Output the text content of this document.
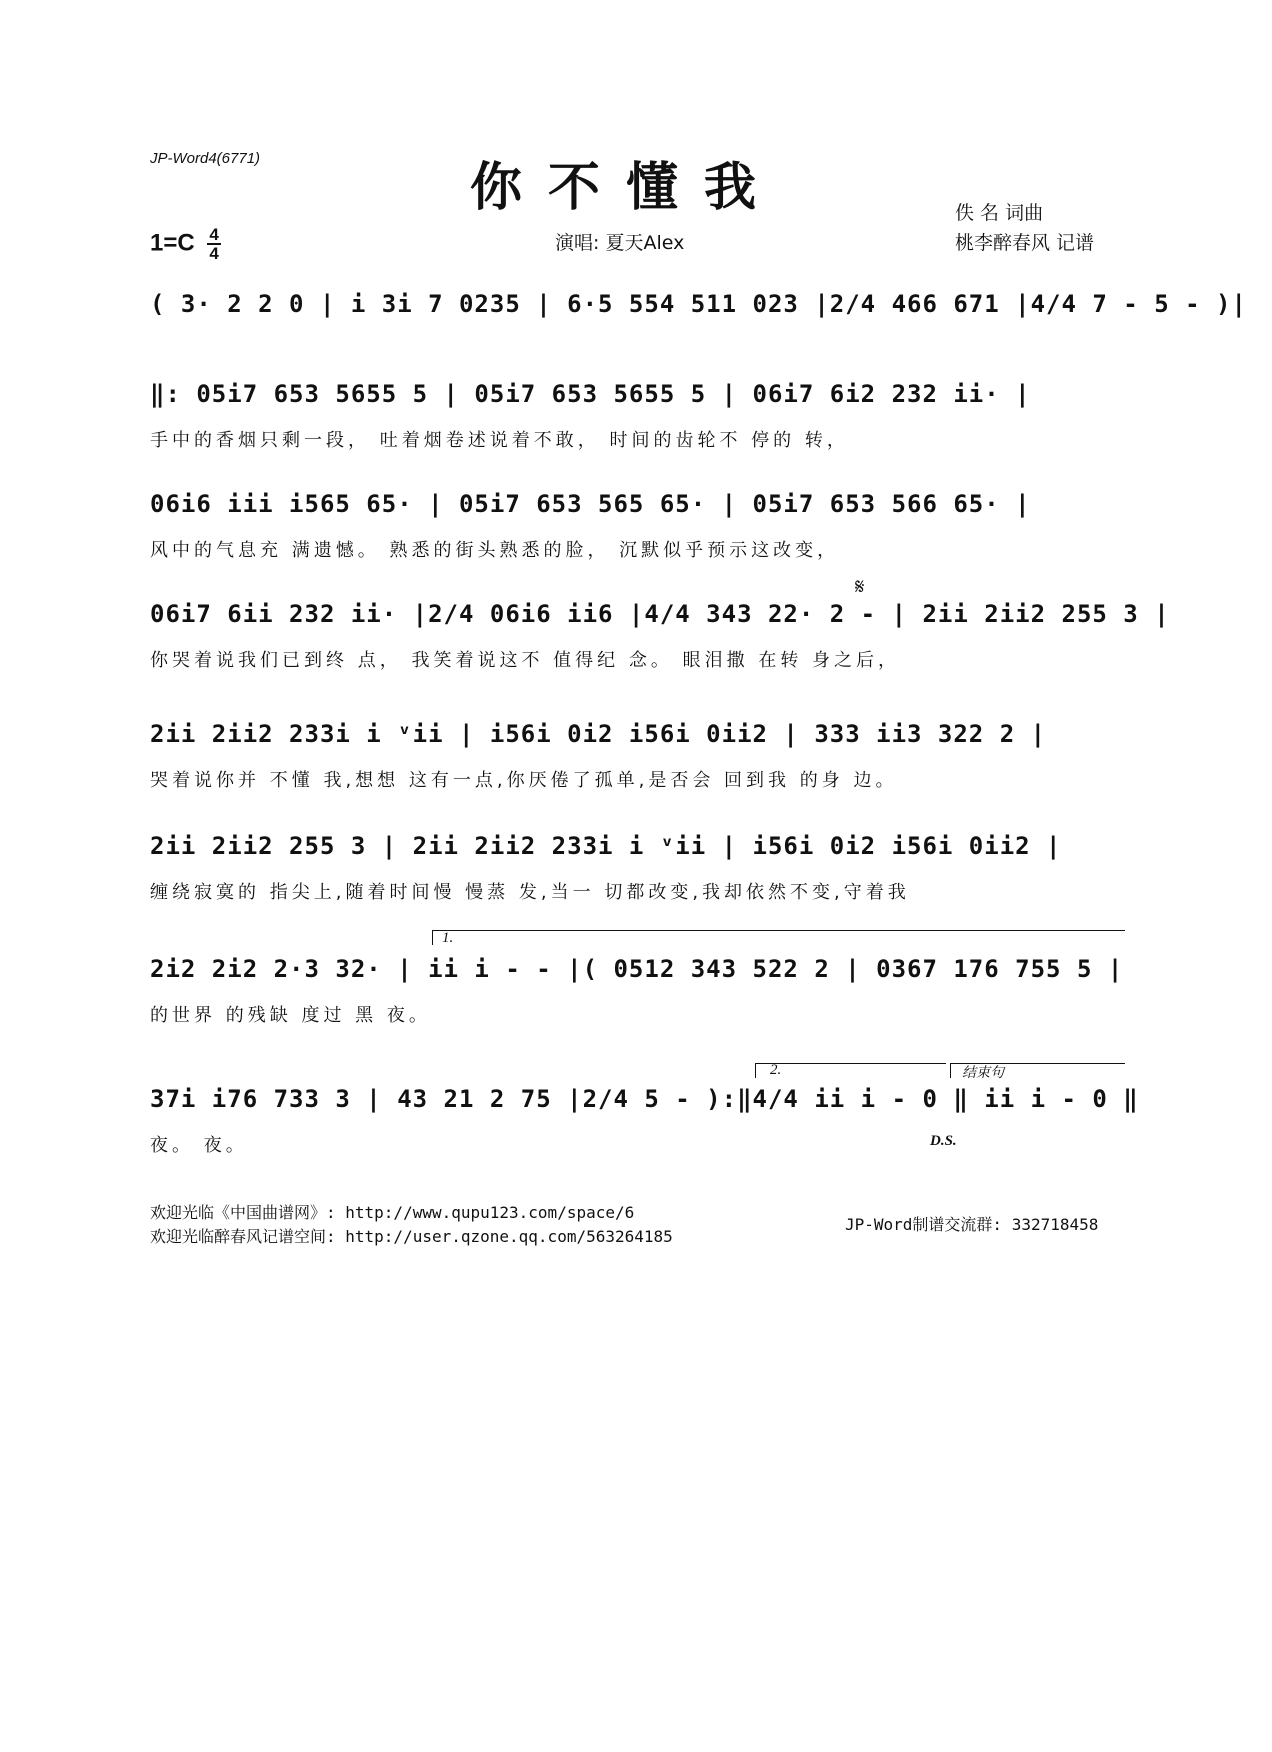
JP-Word4(6771)	你不懂我	佚 名 词曲
桃李醉春风 记谱
$1=C \frac{4}{4}$	演唱: 夏天Alex
( 3· 2 2 0 | i 3i 7 0235 | 6·5 554 511 023 |2/4 466 671 |4/4 7 - 5 - )|
‖: 05i7 653 5655 5 | 05i7 653 5655 5 | 06i7 6i2 232 ii· |
手中的香烟只剩一段， 吐着烟卷述说着不敢， 时间的齿轮不 停的 转，
06i6 iii i565 65· | 05i7 653 565 65· | 05i7 653 566 65· |
风中的气息充 满遗憾。 熟悉的街头熟悉的脸， 沉默似乎预示这改变，
𝄋
06i7 6ii 232 ii· |2/4 06i6 ii6 |4/4 343 22· 2 - | 2ii 2ii2 255 3 |
你哭着说我们已到终 点， 我笑着说这不 值得纪 念。 眼泪撒 在转 身之后，
2ii 2ii2 233i i ᵛii | i56i 0i2 i56i 0ii2 | 333 ii3 322 2 |
哭着说你并 不懂 我,想想 这有一点,你厌倦了孤单,是否会 回到我 的身 边。
2ii 2ii2 255 3 | 2ii 2ii2 233i i ᵛii | i56i 0i2 i56i 0ii2 |
缠绕寂寞的 指尖上,随着时间慢 慢蒸 发,当一 切都改变,我却依然不变,守着我
1.
2i2 2i2 2·3 32· | ii i - - |( 0512 343 522 2 | 0367 176 755 5 |
的世界 的残缺 度过 黑 夜。
2.	结束句
37i i76 733 3 | 43 21 2 75 |2/4 5 - ):‖4/4 ii i - 0 ‖ ii i - 0 ‖
夜。 夜。	D.S.
欢迎光临《中国曲谱网》: http://www.qupu123.com/space/6
欢迎光临醉春风记谱空间: http://user.qzone.qq.com/563264185
JP-Word制谱交流群: 332718458
